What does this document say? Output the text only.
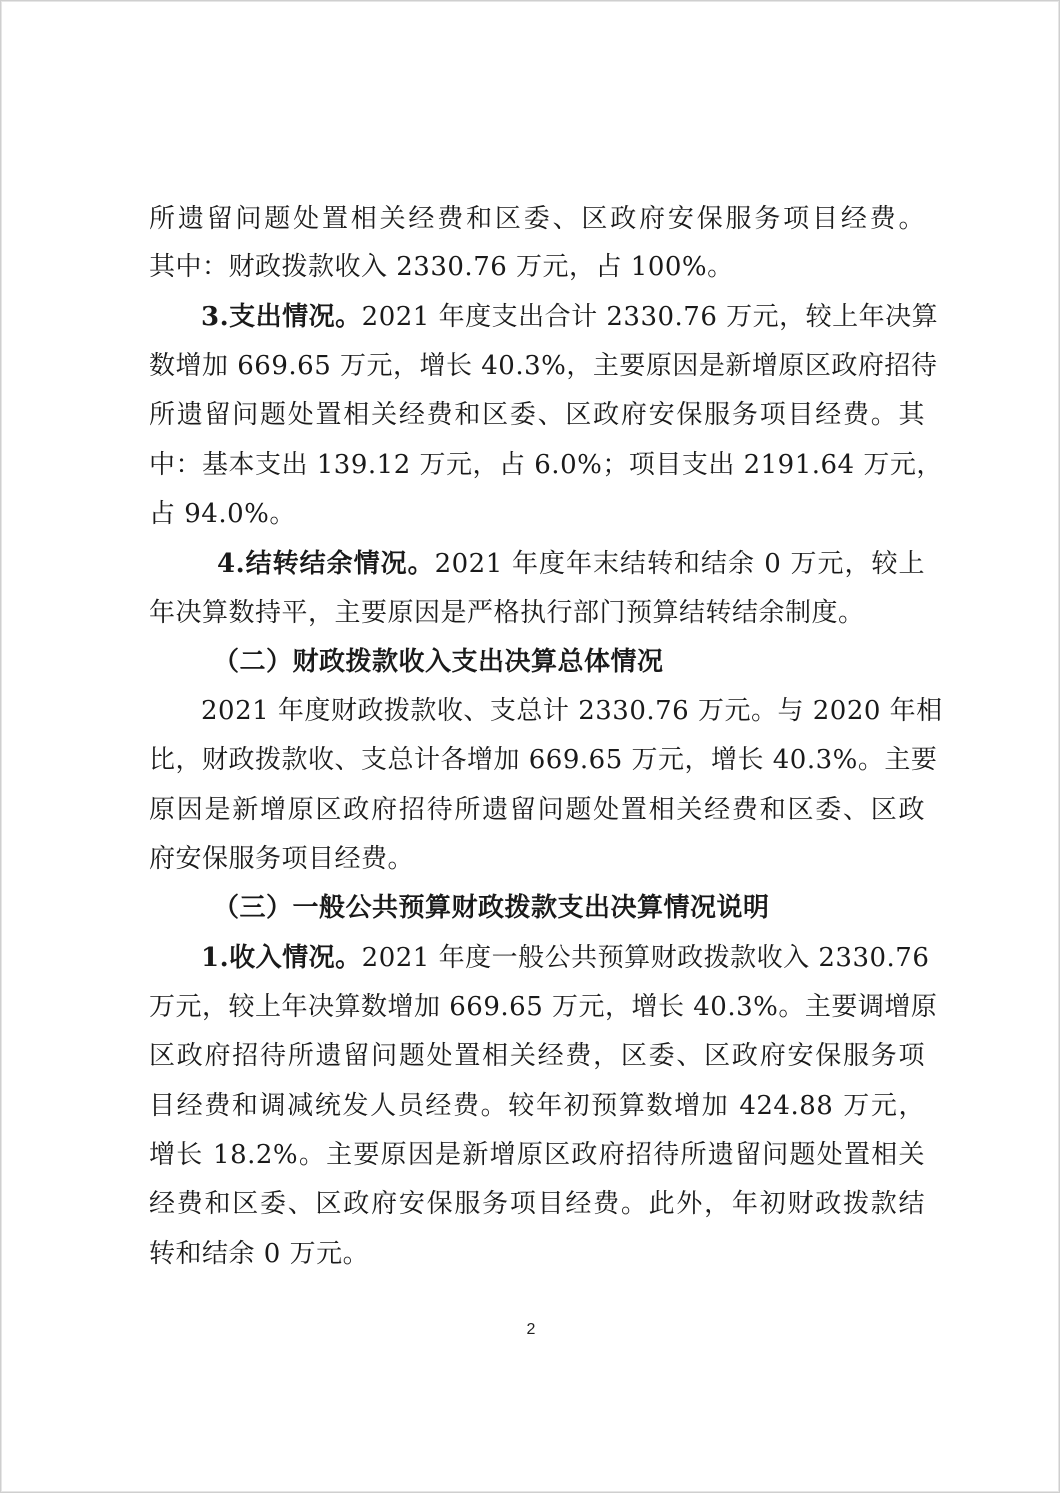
所遗留问题处置相关经费和区委、区政府安保服务项目经费。
其中：财政拨款收入 2330.76 万元，占 100%。
3.支出情况。2021 年度支出合计 2330.76 万元，较上年决算
数增加 669.65 万元，增长 40.3%，主要原因是新增原区政府招待
所遗留问题处置相关经费和区委、区政府安保服务项目经费。其
中：基本支出 139.12 万元，占 6.0%；项目支出 2191.64 万元，
占 94.0%。
4.结转结余情况。2021 年度年末结转和结余 0 万元，较上
年决算数持平，主要原因是严格执行部门预算结转结余制度。
（二）财政拨款收入支出决算总体情况
2021 年度财政拨款收、支总计 2330.76 万元。与 2020 年相
比，财政拨款收、支总计各增加 669.65 万元，增长 40.3%。主要
原因是新增原区政府招待所遗留问题处置相关经费和区委、区政
府安保服务项目经费。
（三）一般公共预算财政拨款支出决算情况说明
1.收入情况。2021 年度一般公共预算财政拨款收入 2330.76
万元，较上年决算数增加 669.65 万元，增长 40.3%。主要调增原
区政府招待所遗留问题处置相关经费，区委、区政府安保服务项
目经费和调减统发人员经费。较年初预算数增加 424.88 万元，
增长 18.2%。主要原因是新增原区政府招待所遗留问题处置相关
经费和区委、区政府安保服务项目经费。此外，年初财政拨款结
转和结余 0 万元。
2
